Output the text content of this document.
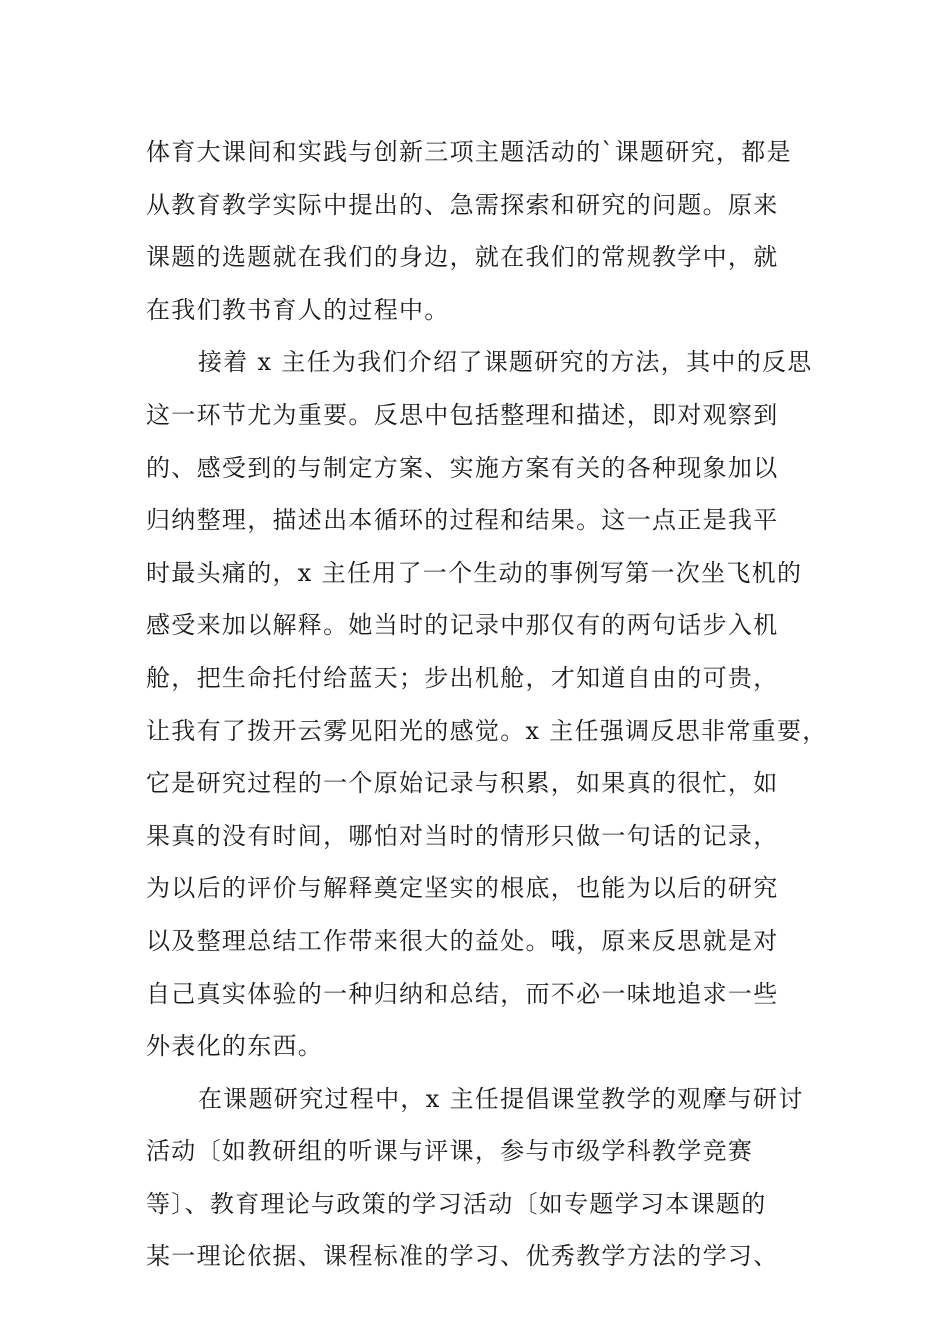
体育大课间和实践与创新三项主题活动的`课题研究，都是
从教育教学实际中提出的、急需探索和研究的问题。原来
课题的选题就在我们的身边，就在我们的常规教学中，就
在我们教书育人的过程中。
接着 x 主任为我们介绍了课题研究的方法，其中的反思
这一环节尤为重要。反思中包括整理和描述，即对观察到
的、感受到的与制定方案、实施方案有关的各种现象加以
归纳整理，描述出本循环的过程和结果。这一点正是我平
时最头痛的，x 主任用了一个生动的事例写第一次坐飞机的
感受来加以解释。她当时的记录中那仅有的两句话步入机
舱，把生命托付给蓝天；步出机舱，才知道自由的可贵，
让我有了拨开云雾见阳光的感觉。x 主任强调反思非常重要，
它是研究过程的一个原始记录与积累，如果真的很忙，如
果真的没有时间，哪怕对当时的情形只做一句话的记录，
为以后的评价与解释奠定坚实的根底，也能为以后的研究
以及整理总结工作带来很大的益处。哦，原来反思就是对
自己真实体验的一种归纳和总结，而不必一味地追求一些
外表化的东西。
在课题研究过程中，x 主任提倡课堂教学的观摩与研讨
活动〔如教研组的听课与评课，参与市级学科教学竞赛
等〕、教育理论与政策的学习活动〔如专题学习本课题的
某一理论依据、课程标准的学习、优秀教学方法的学习、
